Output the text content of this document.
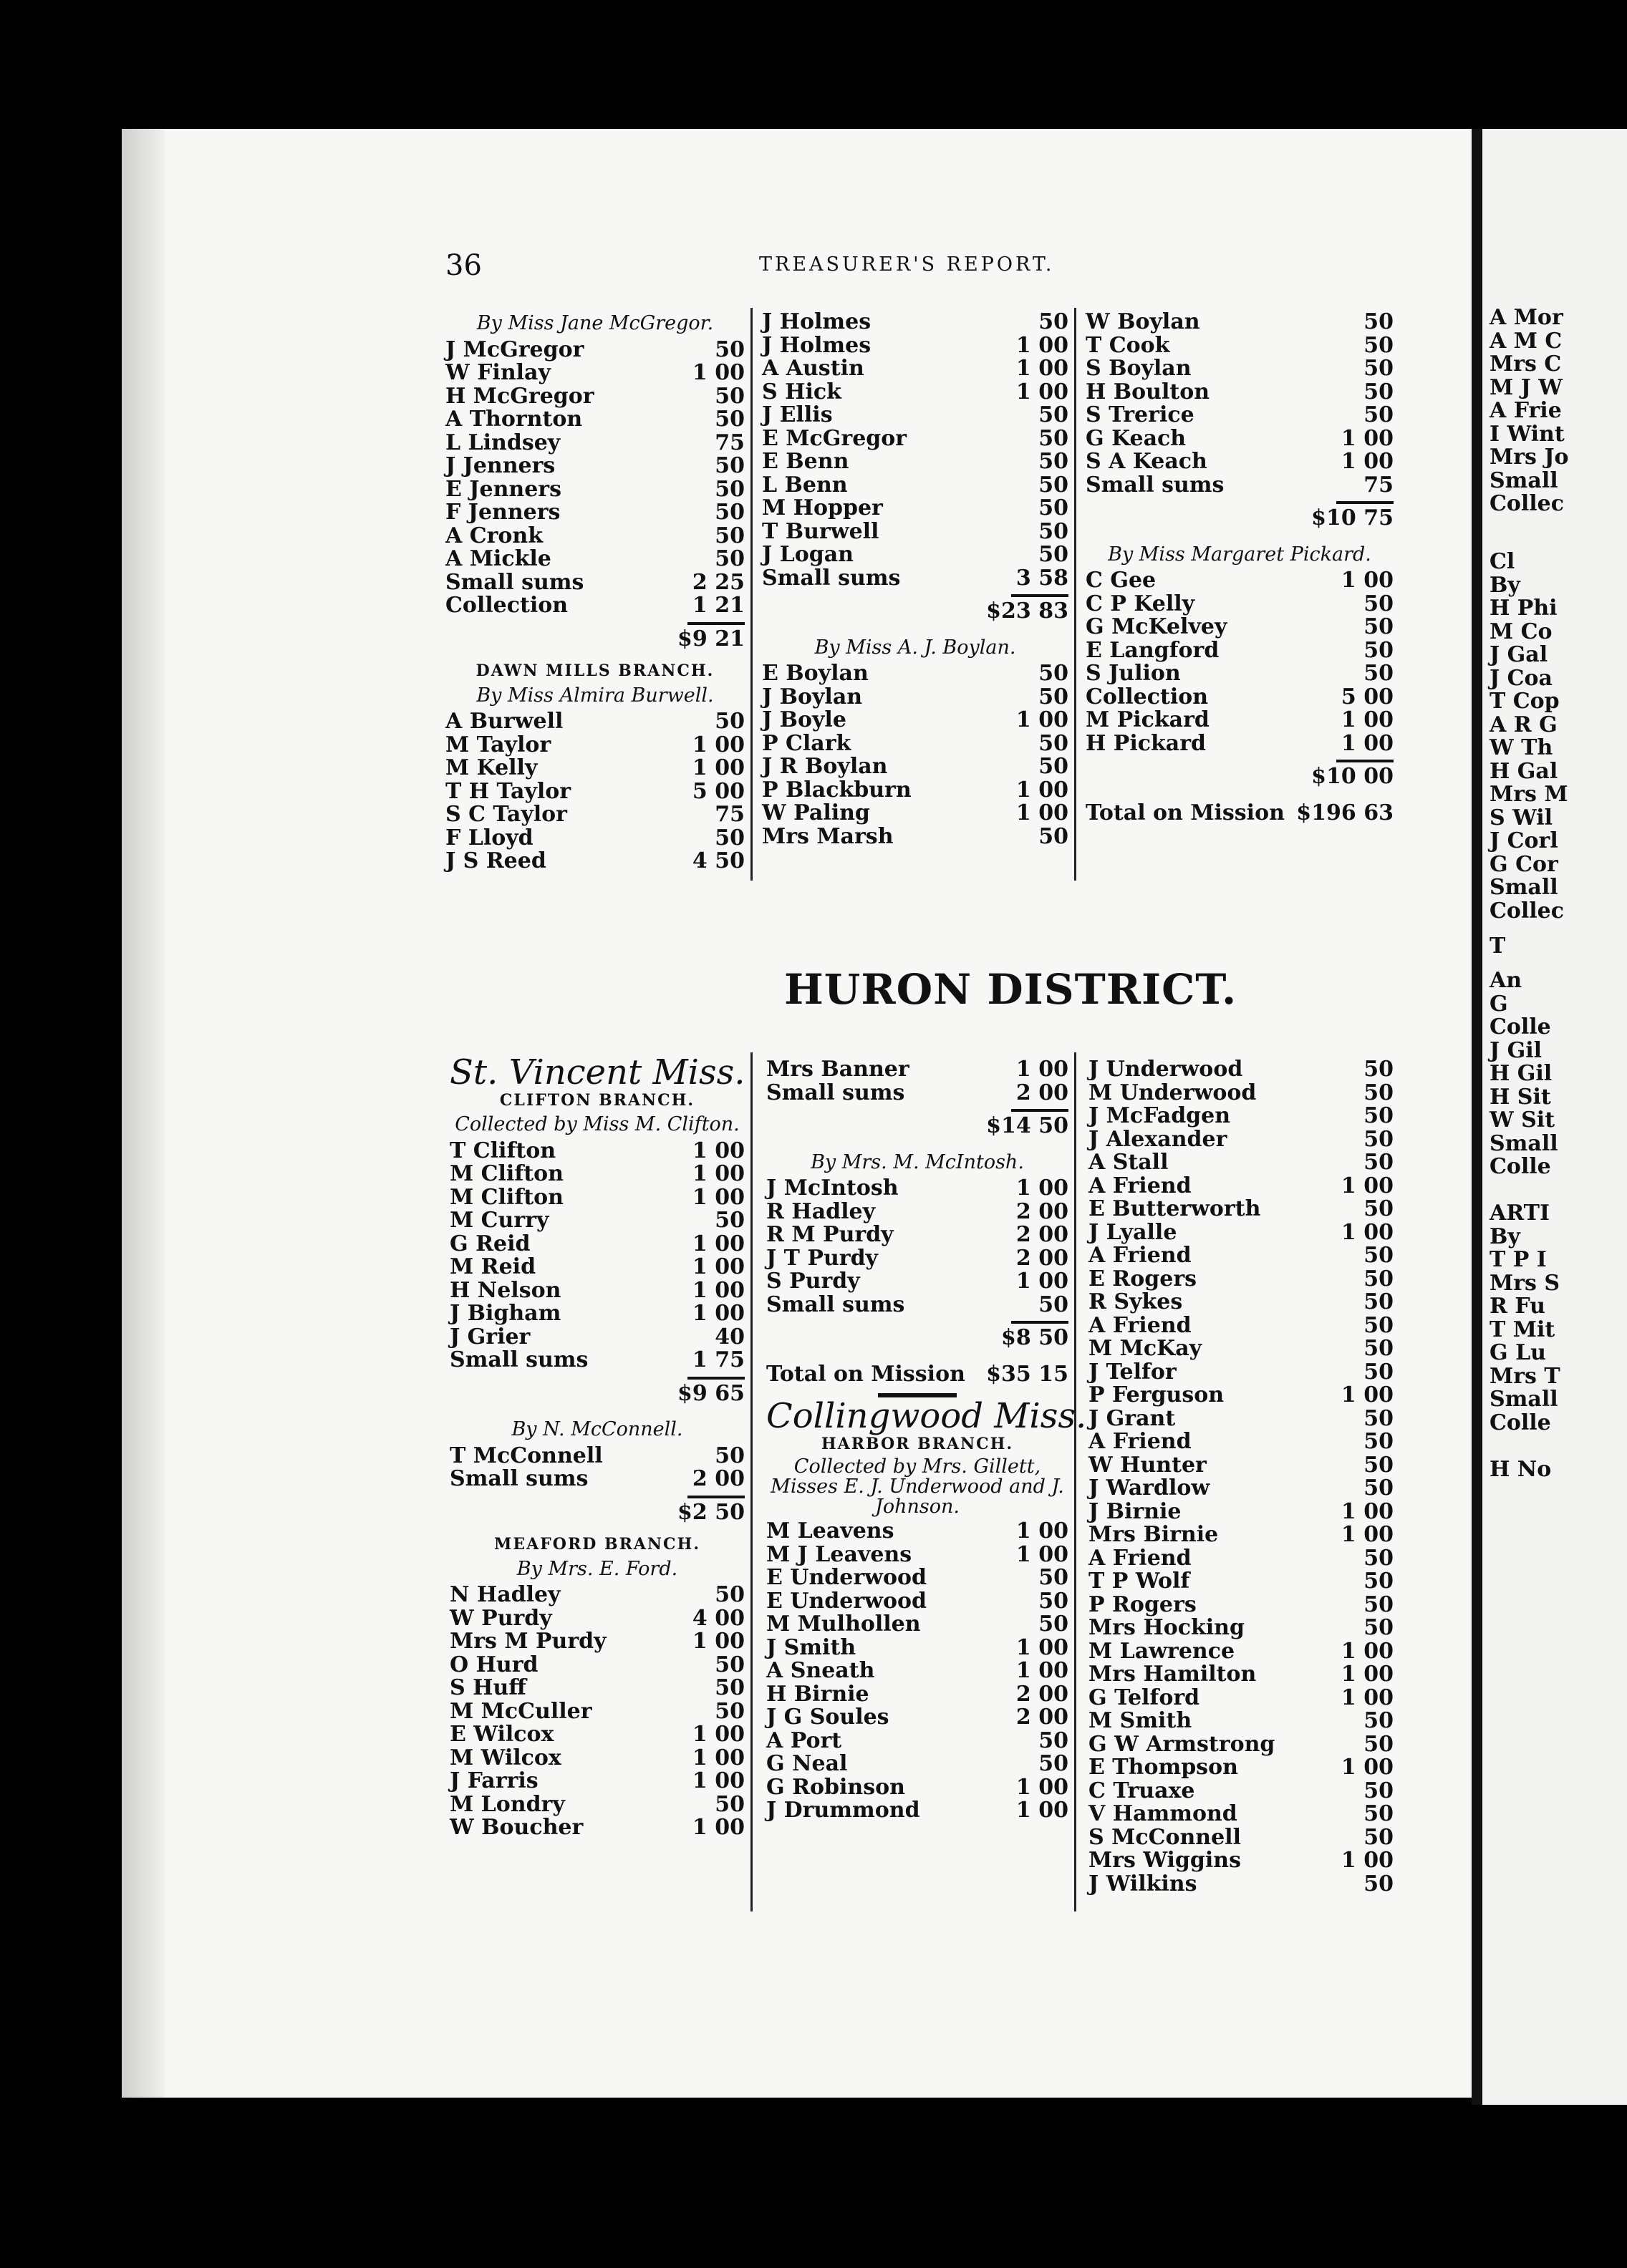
A Mor
A M C
Mrs C
M J W
A Frie
I Wint
Mrs Jo
Small
Collec
Cl
By
H Phi
M Co
J Gal
J Coa
T Cop
A R G
W Th
H Gal
Mrs M
S Wil
J Corl
G Cor
Small
Collec
T
An
G
Colle
J Gil
H Gil
H Sit
W Sit
Small
Colle
ARTI
By
T P I
Mrs S
R Fu
T Mit
G Lu
Mrs T
Small
Colle
H No
36	TREASURER'S REPORT.
HURON DISTRICT.
By Miss Jane McGregor.
J McGregor	50
W Finlay	1 00
H McGregor	50
A Thornton	50
L Lindsey	75
J Jenners	50
E Jenners	50
F Jenners	50
A Cronk	50
A Mickle	50
Small sums	2 25
Collection	1 21
$9 21
DAWN MILLS BRANCH.
By Miss Almira Burwell.
A Burwell	50
M Taylor	1 00
M Kelly	1 00
T H Taylor	5 00
S C Taylor	75
F Lloyd	50
J S Reed	4 50
J Holmes	50
J Holmes	1 00
A Austin	1 00
S Hick	1 00
J Ellis	50
E McGregor	50
E Benn	50
L Benn	50
M Hopper	50
T Burwell	50
J Logan	50
Small sums	3 58
$23 83
By Miss A. J. Boylan.
E Boylan	50
J Boylan	50
J Boyle	1 00
P Clark	50
J R Boylan	50
P Blackburn	1 00
W Paling	1 00
Mrs Marsh	50
W Boylan	50
T Cook	50
S Boylan	50
H Boulton	50
S Trerice	50
G Keach	1 00
S A Keach	1 00
Small sums	75
$10 75
By Miss Margaret Pickard.
C Gee	1 00
C P Kelly	50
G McKelvey	50
E Langford	50
S Julion	50
Collection	5 00
M Pickard	1 00
H Pickard	1 00
$10 00
Total on Mission $196 63
St. Vincent Miss.
CLIFTON BRANCH.
Collected by Miss M. Clifton.
T Clifton	1 00
M Clifton	1 00
M Clifton	1 00
M Curry	50
G Reid	1 00
M Reid	1 00
H Nelson	1 00
J Bigham	1 00
J Grier	40
Small sums	1 75
$9 65
By N. McConnell.
T McConnell	50
Small sums	2 00
$2 50
MEAFORD BRANCH.
By Mrs. E. Ford.
N Hadley	50
W Purdy	4 00
Mrs M Purdy	1 00
O Hurd	50
S Huff	50
M McCuller	50
E Wilcox	1 00
M Wilcox	1 00
J Farris	1 00
M Londry	50
W Boucher	1 00
Mrs Banner	1 00
Small sums	2 00
$14 50
By Mrs. M. McIntosh.
J McIntosh	1 00
R Hadley	2 00
R M Purdy	2 00
J T Purdy	2 00
S Purdy	1 00
Small sums	50
$8 50
Total on Mission $35 15
Collingwood Miss.
HARBOR BRANCH.
Collected by Mrs. Gillett, Misses E. J. Underwood and J. Johnson.
M Leavens	1 00
M J Leavens	1 00
E Underwood	50
E Underwood	50
M Mulhollen	50
J Smith	1 00
A Sneath	1 00
H Birnie	2 00
J G Soules	2 00
A Port	50
G Neal	50
G Robinson	1 00
J Drummond	1 00
J Underwood	50
M Underwood	50
J McFadgen	50
J Alexander	50
A Stall	50
A Friend	1 00
E Butterworth	50
J Lyalle	1 00
A Friend	50
E Rogers	50
R Sykes	50
A Friend	50
M McKay	50
J Telfor	50
P Ferguson	1 00
J Grant	50
A Friend	50
W Hunter	50
J Wardlow	50
J Birnie	1 00
Mrs Birnie	1 00
A Friend	50
T P Wolf	50
P Rogers	50
Mrs Hocking	50
M Lawrence	1 00
Mrs Hamilton	1 00
G Telford	1 00
M Smith	50
G W Armstrong	50
E Thompson	1 00
C Truaxe	50
V Hammond	50
S McConnell	50
Mrs Wiggins	1 00
J Wilkins	50
